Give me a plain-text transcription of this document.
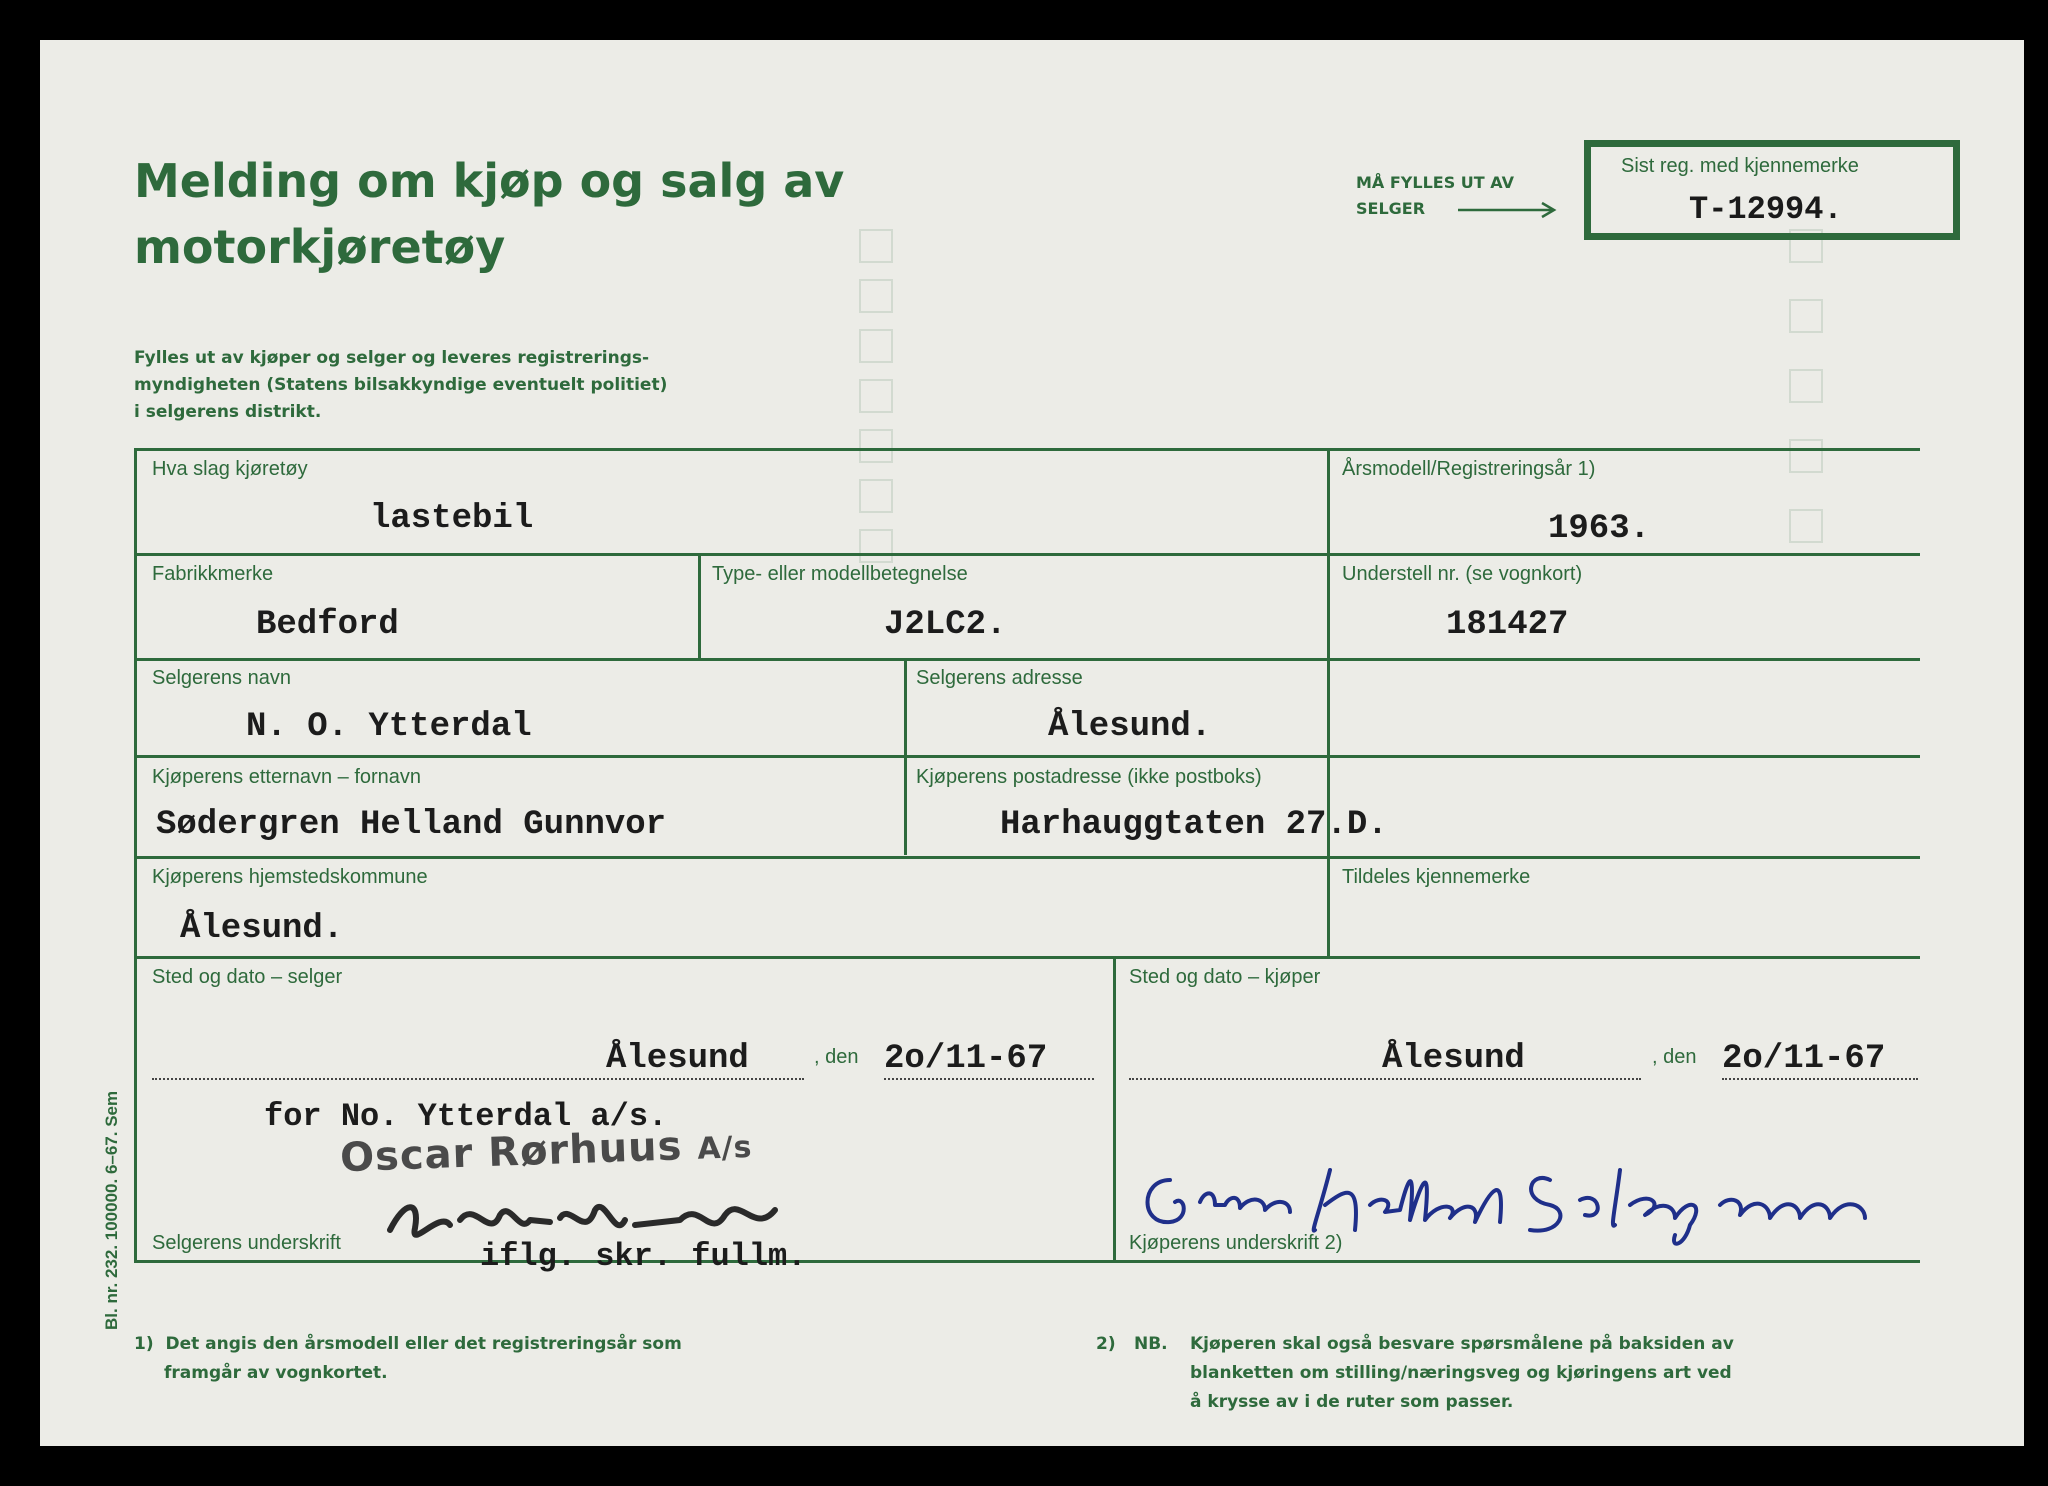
Melding om kjøp og salg av
motorkjøretøy
Fylles ut av kjøper og selger og leveres registrerings-
myndigheten (Statens bilsakkyndige eventuelt politiet)
i selgerens distrikt.
MÅ FYLLES UT AV
SELGER
Sist reg. med kjennemerke
T-12994.
Hva slag kjøretøy
lastebil
Årsmodell/Registreringsår 1)
1963.
Fabrikkmerke
Bedford
Type- eller modellbetegnelse
J2LC2.
Understell nr. (se vognkort)
181427
Selgerens navn
N. O. Ytterdal
Selgerens adresse
Ålesund.
Kjøperens etternavn – fornavn
Sødergren Helland Gunnvor
Kjøperens postadresse (ikke postboks)
Harhauggtaten 27.D.
Kjøperens hjemstedskommune
Ålesund.
Tildeles kjennemerke
Sted og dato – selger
Ålesund	, den 2o/11-67
for No. Ytterdal a/s.
Oscar Rørhuus A/s
Selgerens underskrift	iflg. skr. fullm.
Sted og dato – kjøper
Ålesund	, den 2o/11-67
Kjøperens underskrift 2)
Bl. nr. 232. 100000. 6–67. Sem
1) Det angis den årsmodell eller det registreringsår som
framgår av vognkortet.
2) NB. Kjøperen skal også besvare spørsmålene på baksiden av
blanketten om stilling/næringsveg og kjøringens art ved
å krysse av i de ruter som passer.
